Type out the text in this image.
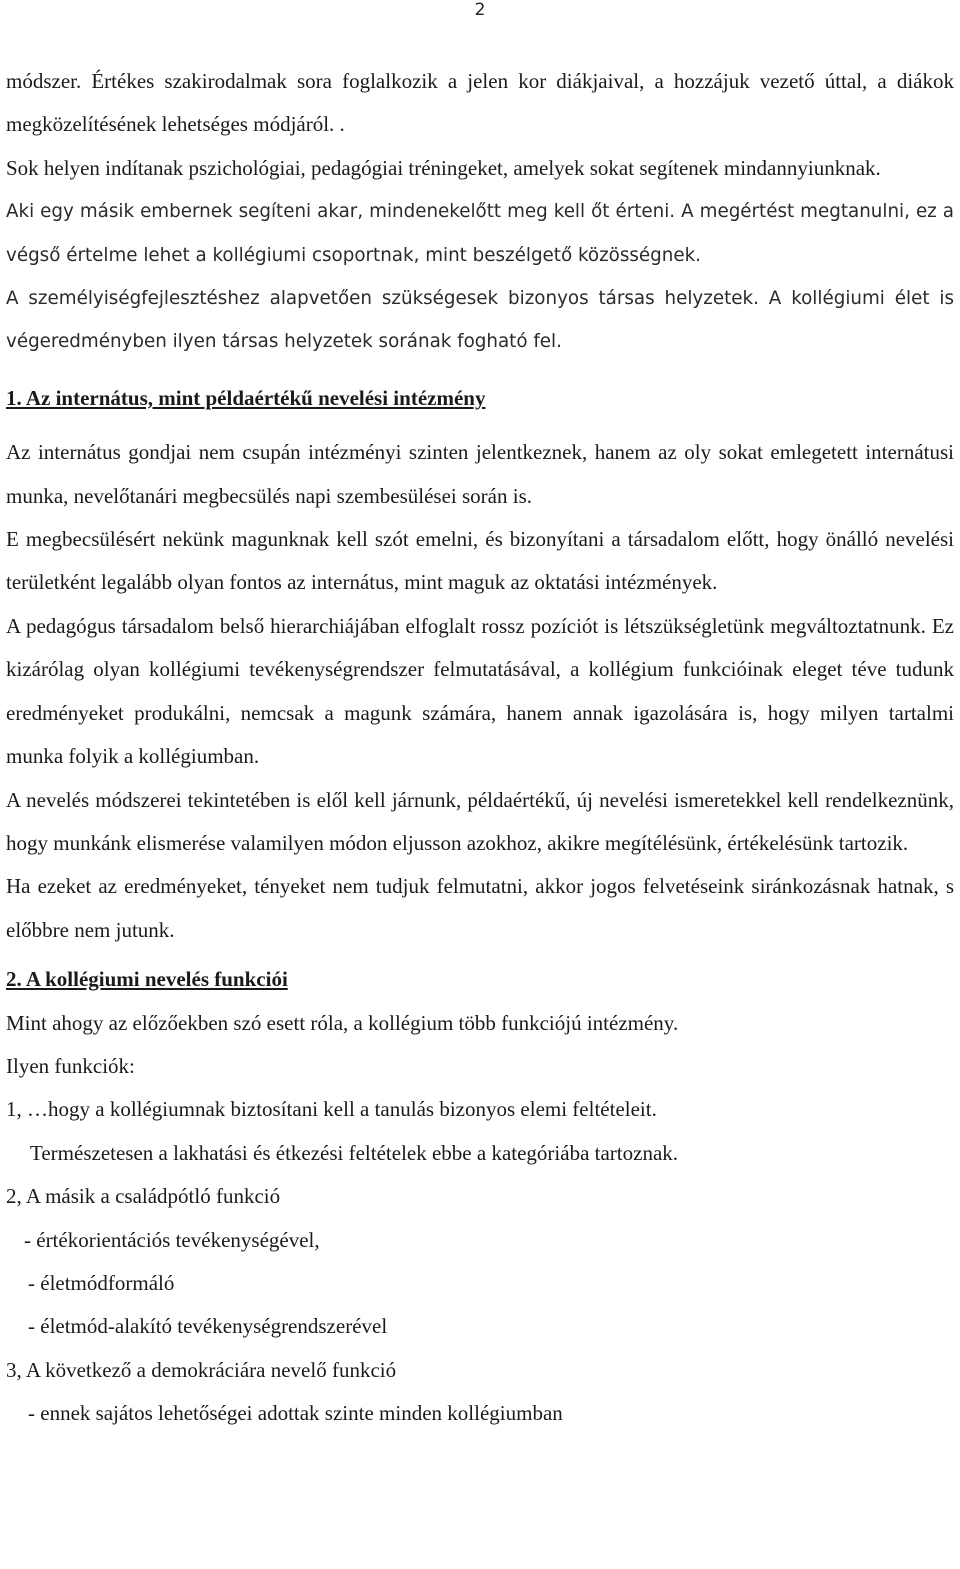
2

módszer. Értékes szakirodalmak sora foglalkozik a jelen kor diákjaival, a hozzájuk vezető úttal, a diákok megközelítésének lehetséges módjáról. .

Sok helyen indítanak pszichológiai, pedagógiai tréningeket, amelyek sokat segítenek mindannyiunknak.

Aki egy másik embernek segíteni akar, mindenekelőtt meg kell őt érteni. A megértést megtanulni, ez a végső értelme lehet a kollégiumi csoportnak, mint beszélgető közösségnek.

A személyiségfejlesztéshez alapvetően szükségesek bizonyos társas helyzetek. A kollégiumi élet is végeredményben ilyen társas helyzetek sorának fogható fel.

1. Az internátus, mint példaértékű nevelési intézmény

Az internátus gondjai nem csupán intézményi szinten jelentkeznek, hanem az oly sokat emlegetett internátusi munka, nevelőtanári megbecsülés napi szembesülései során is.

E megbecsülésért nekünk magunknak kell szót emelni, és bizonyítani a társadalom előtt, hogy önálló nevelési területként legalább olyan fontos az internátus, mint maguk az oktatási intézmények.

A pedagógus társadalom belső hierarchiájában elfoglalt rossz pozíciót is létszükségletünk megváltoztatnunk. Ez kizárólag olyan kollégiumi tevékenységrendszer felmutatásával, a kollégium funkcióinak eleget téve tudunk eredményeket produkálni, nemcsak a magunk számára, hanem annak igazolására is, hogy milyen tartalmi munka folyik a kollégiumban.

A nevelés módszerei tekintetében is elől kell járnunk, példaértékű, új nevelési ismeretekkel kell rendelkeznünk, hogy munkánk elismerése valamilyen módon eljusson azokhoz, akikre megítélésünk, értékelésünk tartozik.

Ha ezeket az eredményeket, tényeket nem tudjuk felmutatni, akkor jogos felvetéseink siránkozásnak hatnak, s előbbre nem jutunk.

2. A kollégiumi nevelés funkciói

Mint ahogy az előzőekben szó esett róla, a kollégium több funkciójú intézmény.

Ilyen funkciók:

1, …hogy a kollégiumnak biztosítani kell a tanulás bizonyos elemi feltételeit.

Természetesen a lakhatási és étkezési feltételek ebbe a kategóriába tartoznak.

2, A másik a családpótló funkció

- értékorientációs tevékenységével,

- életmódformáló

- életmód-alakító tevékenységrendszerével

3, A következő a demokráciára nevelő funkció

- ennek sajátos lehetőségei adottak szinte minden kollégiumban
